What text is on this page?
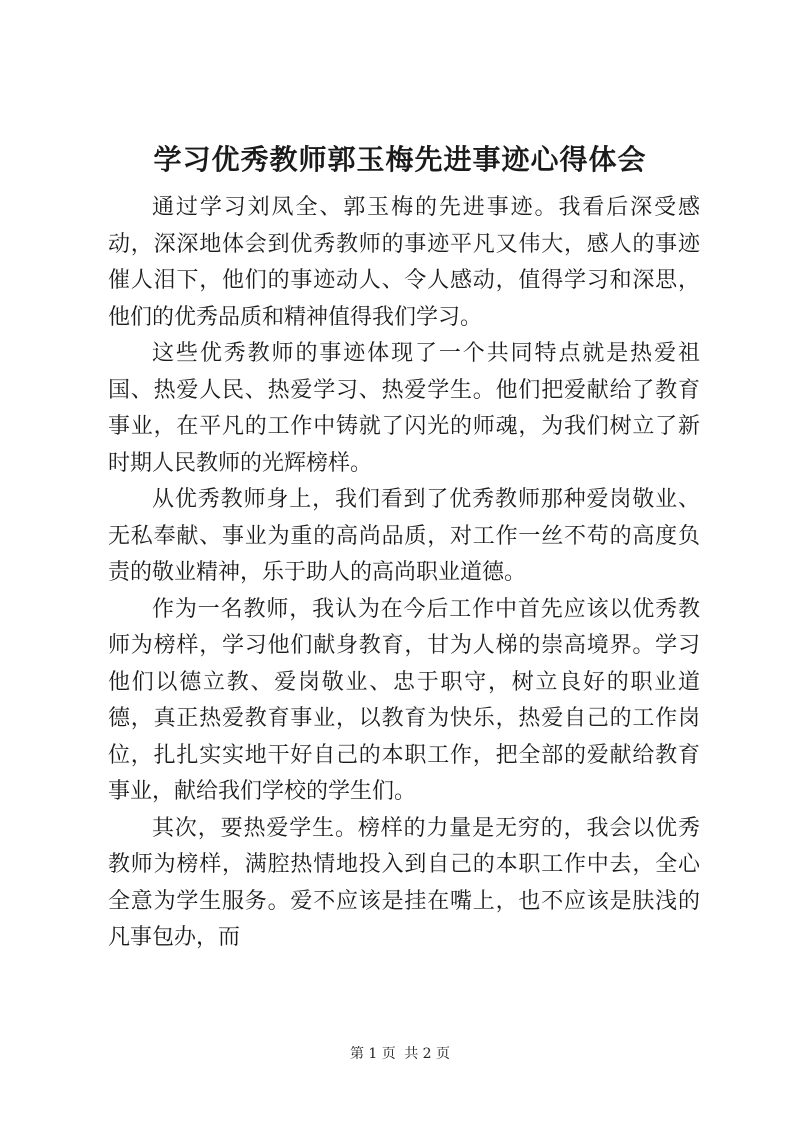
学习优秀教师郭玉梅先进事迹心得体会

通过学习刘凤全、郭玉梅的先进事迹。我看后深受感动，深深地体会到优秀教师的事迹平凡又伟大，感人的事迹催人泪下，他们的事迹动人、令人感动，值得学习和深思，他们的优秀品质和精神值得我们学习。

这些优秀教师的事迹体现了一个共同特点就是热爱祖国、热爱人民、热爱学习、热爱学生。他们把爱献给了教育事业，在平凡的工作中铸就了闪光的师魂，为我们树立了新时期人民教师的光辉榜样。

从优秀教师身上，我们看到了优秀教师那种爱岗敬业、无私奉献、事业为重的高尚品质，对工作一丝不苟的高度负责的敬业精神，乐于助人的高尚职业道德。

作为一名教师，我认为在今后工作中首先应该以优秀教师为榜样，学习他们献身教育，甘为人梯的崇高境界。学习他们以德立教、爱岗敬业、忠于职守，树立良好的职业道德，真正热爱教育事业，以教育为快乐，热爱自己的工作岗位，扎扎实实地干好自己的本职工作，把全部的爱献给教育事业，献给我们学校的学生们。

其次，要热爱学生。榜样的力量是无穷的，我会以优秀教师为榜样，满腔热情地投入到自己的本职工作中去，全心全意为学生服务。爱不应该是挂在嘴上，也不应该是肤浅的凡事包办，而

第 1 页 共 2 页
